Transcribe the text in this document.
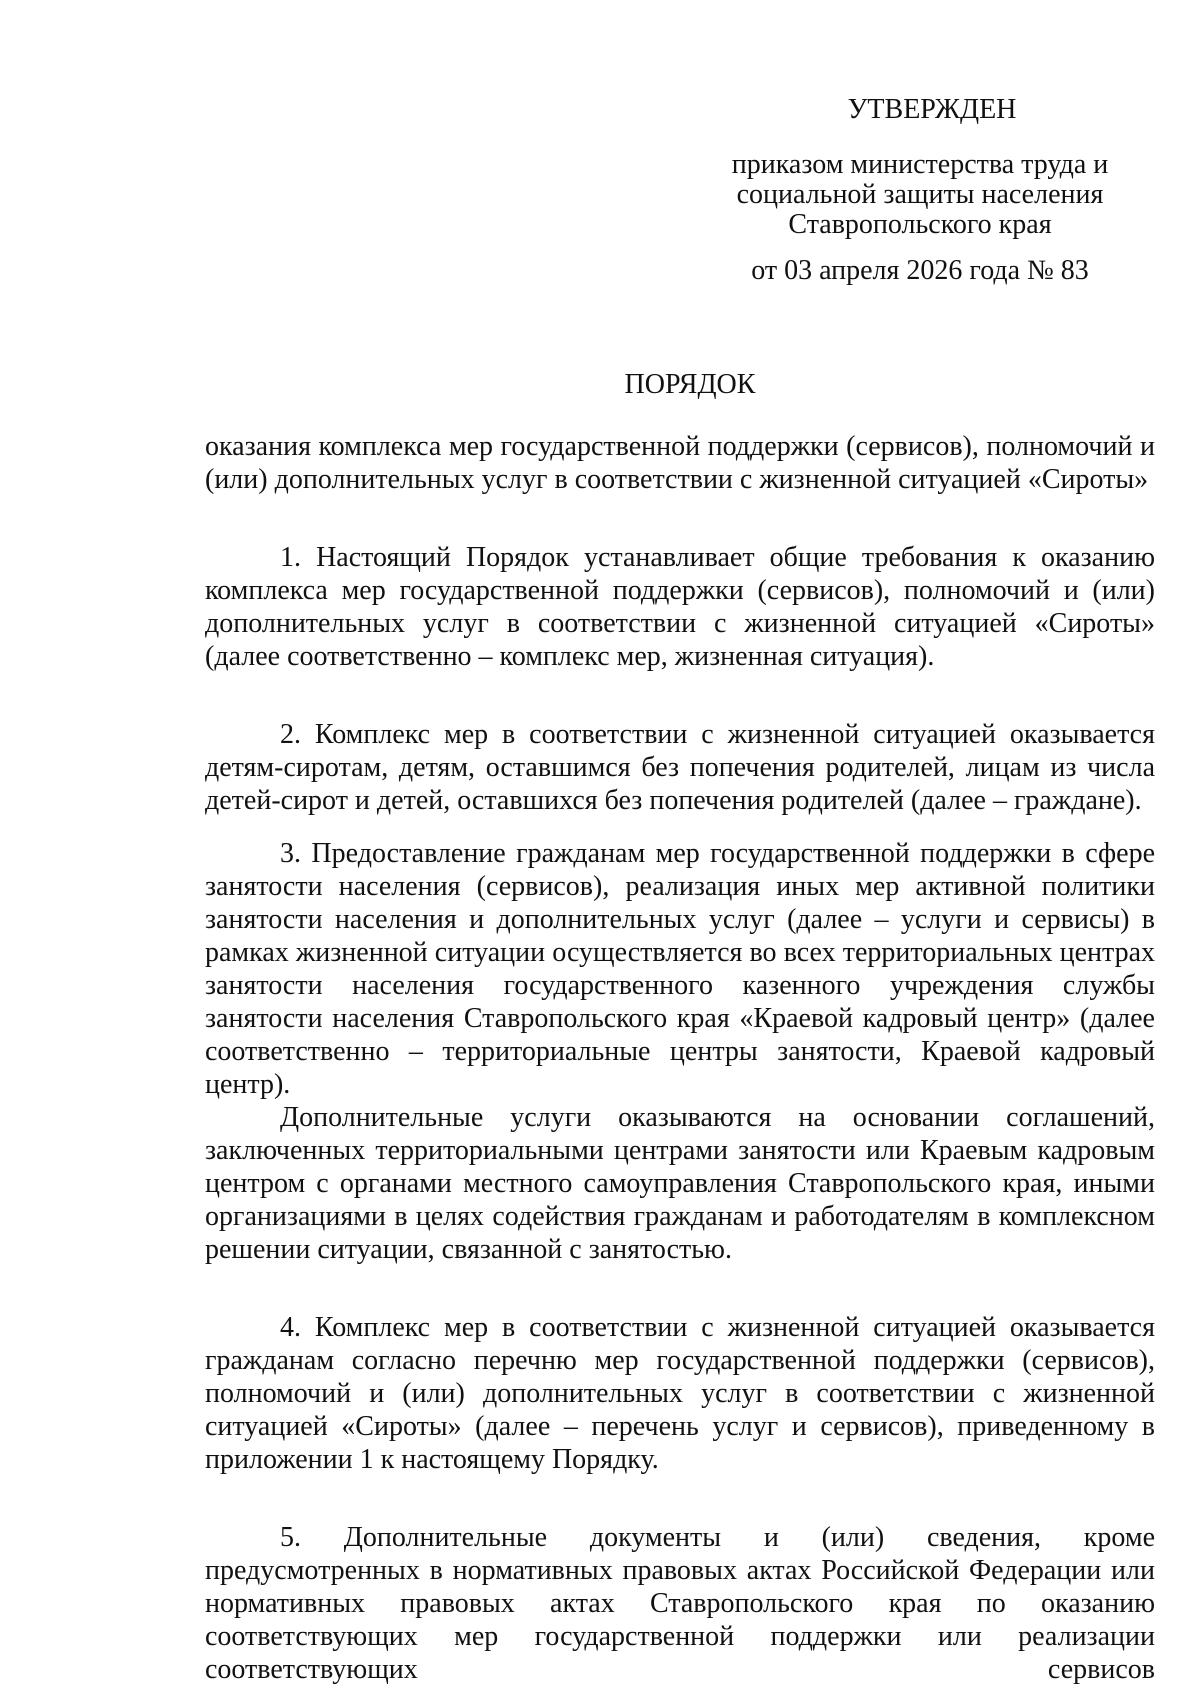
УТВЕРЖДЕН
приказом министерства труда и
социальной защиты населения
Ставропольского края
от 03 апреля 2026 года № 83
ПОРЯДОК

оказания комплекса мер государственной поддержки (сервисов), полномочий и (или) дополнительных услуг в соответствии с жизненной ситуацией «Сироты»

1. Настоящий Порядок устанавливает общие требования к оказанию комплекса мер государственной поддержки (сервисов), полномочий и (или) дополнительных услуг в соответствии с жизненной ситуацией «Сироты» (далее соответственно – комплекс мер, жизненная ситуация).

2. Комплекс мер в соответствии с жизненной ситуацией оказывается детям-сиротам, детям, оставшимся без попечения родителей, лицам из числа детей-сирот и детей, оставшихся без попечения родителей (далее – граждане).

3. Предоставление гражданам мер государственной поддержки в сфере занятости населения (сервисов), реализация иных мер активной политики занятости населения и дополнительных услуг (далее – услуги и сервисы) в рамках жизненной ситуации осуществляется во всех территориальных центрах занятости населения государственного казенного учреждения службы занятости населения Ставропольского края «Краевой кадровый центр» (далее соответственно – территориальные центры занятости, Краевой кадровый центр).

Дополнительные услуги оказываются на основании соглашений, заключенных территориальными центрами занятости или Краевым кадровым центром с органами местного самоуправления Ставропольского края, иными организациями в целях содействия гражданам и работодателям в комплексном решении ситуации, связанной с занятостью.

4. Комплекс мер в соответствии с жизненной ситуацией оказывается гражданам согласно перечню мер государственной поддержки (сервисов), полномочий и (или) дополнительных услуг в соответствии с жизненной ситуацией «Сироты» (далее – перечень услуг и сервисов), приведенному в приложении 1 к настоящему Порядку.

5. Дополнительные документы и (или) сведения, кроме предусмотренных в нормативных правовых актах Российской Федерации или нормативных правовых актах Ставропольского края по оказанию соответствующих мер государственной поддержки или реализации соответствующих сервисов
